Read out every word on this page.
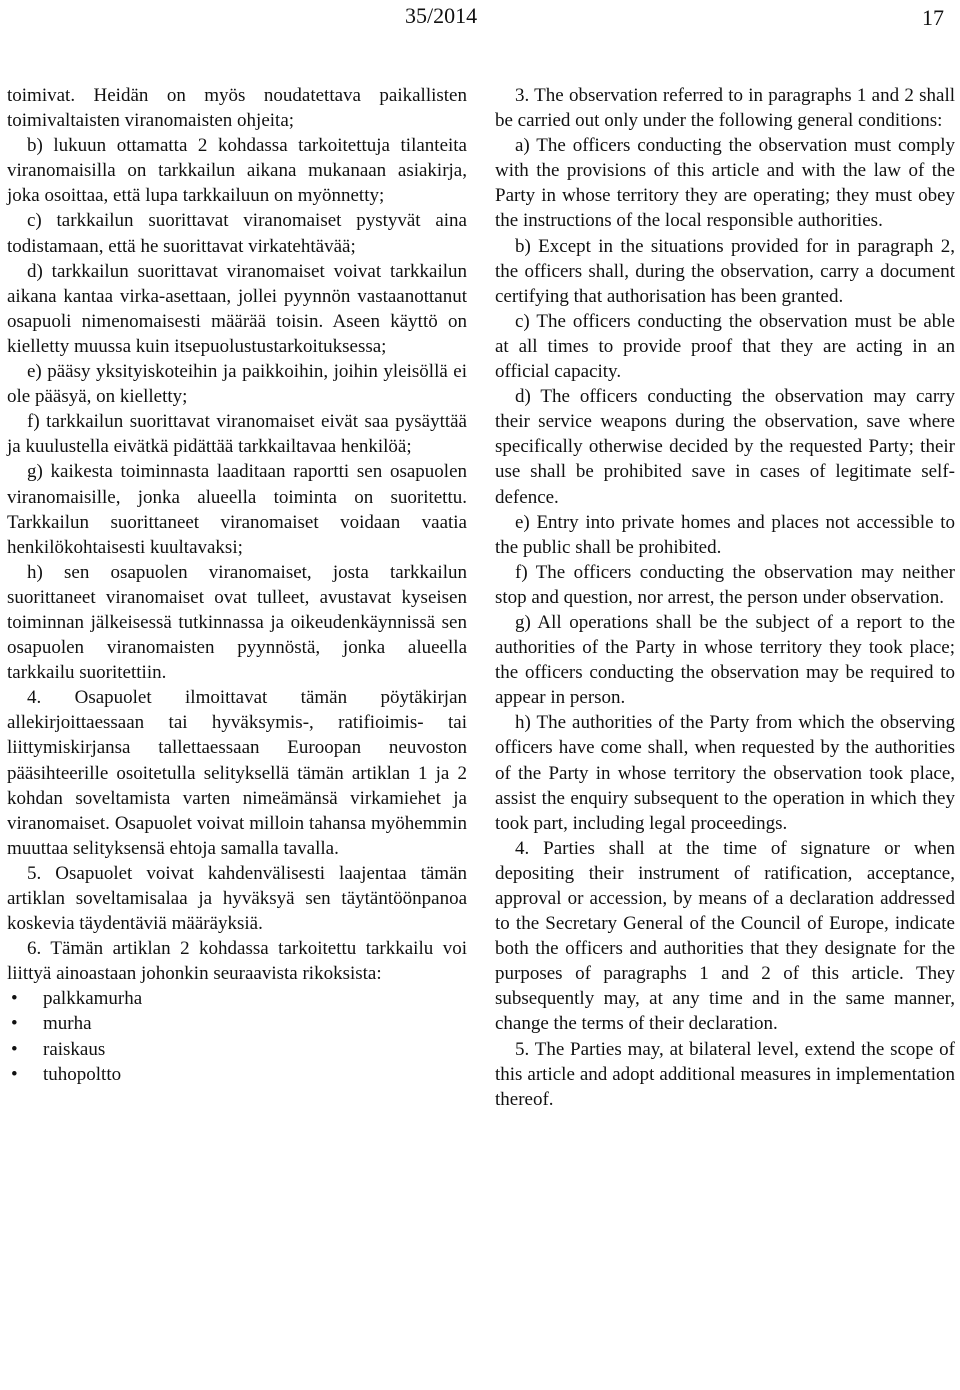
35/2014	17

toimivat. Heidän on myös noudatettava paikallisten toimivaltaisten viranomaisten ohjeita;

b) lukuun ottamatta 2 kohdassa tarkoitettuja tilanteita viranomaisilla on tarkkailun aikana mukanaan asiakirja, joka osoittaa, että lupa tarkkailuun on myönnetty;

c) tarkkailun suorittavat viranomaiset pystyvät aina todistamaan, että he suorittavat virkatehtävää;

d) tarkkailun suorittavat viranomaiset voivat tarkkailun aikana kantaa virka-asettaan, jollei pyynnön vastaanottanut osapuoli nimenomaisesti määrää toisin. Aseen käyttö on kielletty muussa kuin itsepuolustustarkoituksessa;

e) pääsy yksityiskoteihin ja paikkoihin, joihin yleisöllä ei ole pääsyä, on kielletty;

f) tarkkailun suorittavat viranomaiset eivät saa pysäyttää ja kuulustella eivätkä pidättää tarkkailtavaa henkilöä;

g) kaikesta toiminnasta laaditaan raportti sen osapuolen viranomaisille, jonka alueella toiminta on suoritettu. Tarkkailun suorittaneet viranomaiset voidaan vaatia henkilökohtaisesti kuultavaksi;

h) sen osapuolen viranomaiset, josta tarkkailun suorittaneet viranomaiset ovat tulleet, avustavat kyseisen toiminnan jälkeisessä tutkinnassa ja oikeudenkäynnissä sen osapuolen viranomaisten pyynnöstä, jonka alueella tarkkailu suoritettiin.

4. Osapuolet ilmoittavat tämän pöytäkirjan allekirjoittaessaan tai hyväksymis-, ratifioimis- tai liittymiskirjansa tallettaessaan Euroopan neuvoston pääsihteerille osoitetulla selityksellä tämän artiklan 1 ja 2 kohdan soveltamista varten nimeämänsä virkamiehet ja viranomaiset. Osapuolet voivat milloin tahansa myöhemmin muuttaa selityksensä ehtoja samalla tavalla.

5. Osapuolet voivat kahdenvälisesti laajentaa tämän artiklan soveltamisalaa ja hyväksyä sen täytäntöönpanoa koskevia täydentäviä määräyksiä.

6. Tämän artiklan 2 kohdassa tarkoitettu tarkkailu voi liittyä ainoastaan johonkin seuraavista rikoksista:

• palkkamurha
• murha
• raiskaus
• tuhopoltto

3. The observation referred to in paragraphs 1 and 2 shall be carried out only under the following general conditions:

a) The officers conducting the observation must comply with the provisions of this article and with the law of the Party in whose territory they are operating; they must obey the instructions of the local responsible authorities.

b) Except in the situations provided for in paragraph 2, the officers shall, during the observation, carry a document certifying that authorisation has been granted.

c) The officers conducting the observation must be able at all times to provide proof that they are acting in an official capacity.

d) The officers conducting the observation may carry their service weapons during the observation, save where specifically otherwise decided by the requested Party; their use shall be prohibited save in cases of legitimate self-defence.

e) Entry into private homes and places not accessible to the public shall be prohibited.

f) The officers conducting the observation may neither stop and question, nor arrest, the person under observation.

g) All operations shall be the subject of a report to the authorities of the Party in whose territory they took place; the officers conducting the observation may be required to appear in person.

h) The authorities of the Party from which the observing officers have come shall, when requested by the authorities of the Party in whose territory the observation took place, assist the enquiry subsequent to the operation in which they took part, including legal proceedings.

4. Parties shall at the time of signature or when depositing their instrument of ratification, acceptance, approval or accession, by means of a declaration addressed to the Secretary General of the Council of Europe, indicate both the officers and authorities that they designate for the purposes of paragraphs 1 and 2 of this article. They subsequently may, at any time and in the same manner, change the terms of their declaration.

5. The Parties may, at bilateral level, extend the scope of this article and adopt additional measures in implementation thereof.
